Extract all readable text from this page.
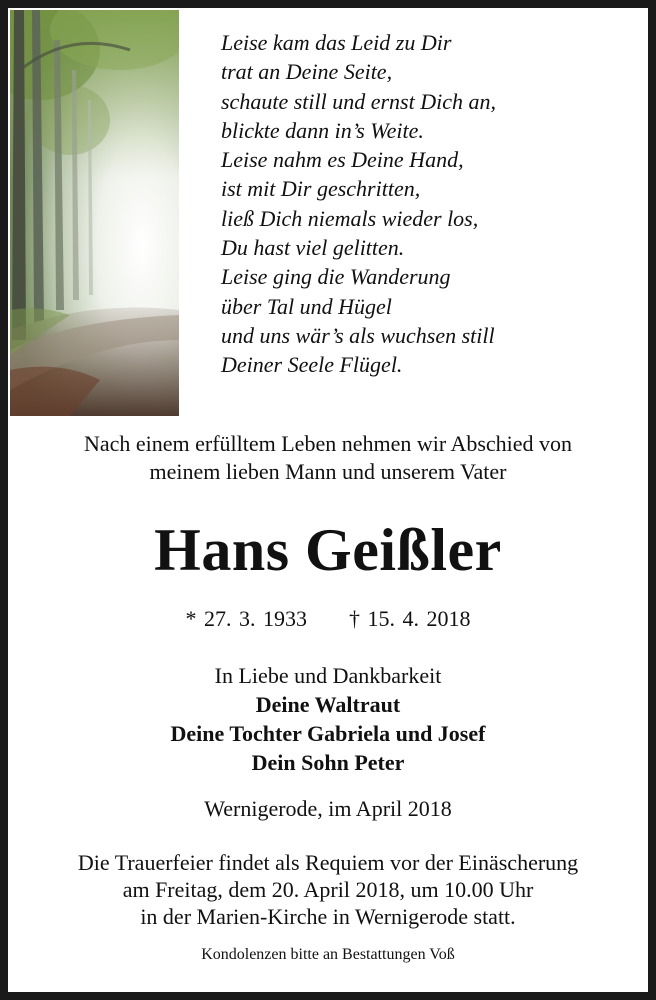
Leise kam das Leid zu Dir
trat an Deine Seite,
schaute still und ernst Dich an,
blickte dann in’s Weite.
Leise nahm es Deine Hand,
ist mit Dir geschritten,
ließ Dich niemals wieder los,
Du hast viel gelitten.
Leise ging die Wanderung
über Tal und Hügel
und uns wär’s als wuchsen still
Deiner Seele Flügel.
Nach einem erfülltem Leben nehmen wir Abschied von
meinem lieben Mann und unserem Vater
Hans Geißler
* 27. 3. 1933 † 15. 4. 2018
In Liebe und Dankbarkeit
Deine Waltraut
Deine Tochter Gabriela und Josef
Dein Sohn Peter
Wernigerode, im April 2018
Die Trauerfeier findet als Requiem vor der Einäscherung
am Freitag, dem 20. April 2018, um 10.00 Uhr
in der Marien-Kirche in Wernigerode statt.
Kondolenzen bitte an Bestattungen Voß
